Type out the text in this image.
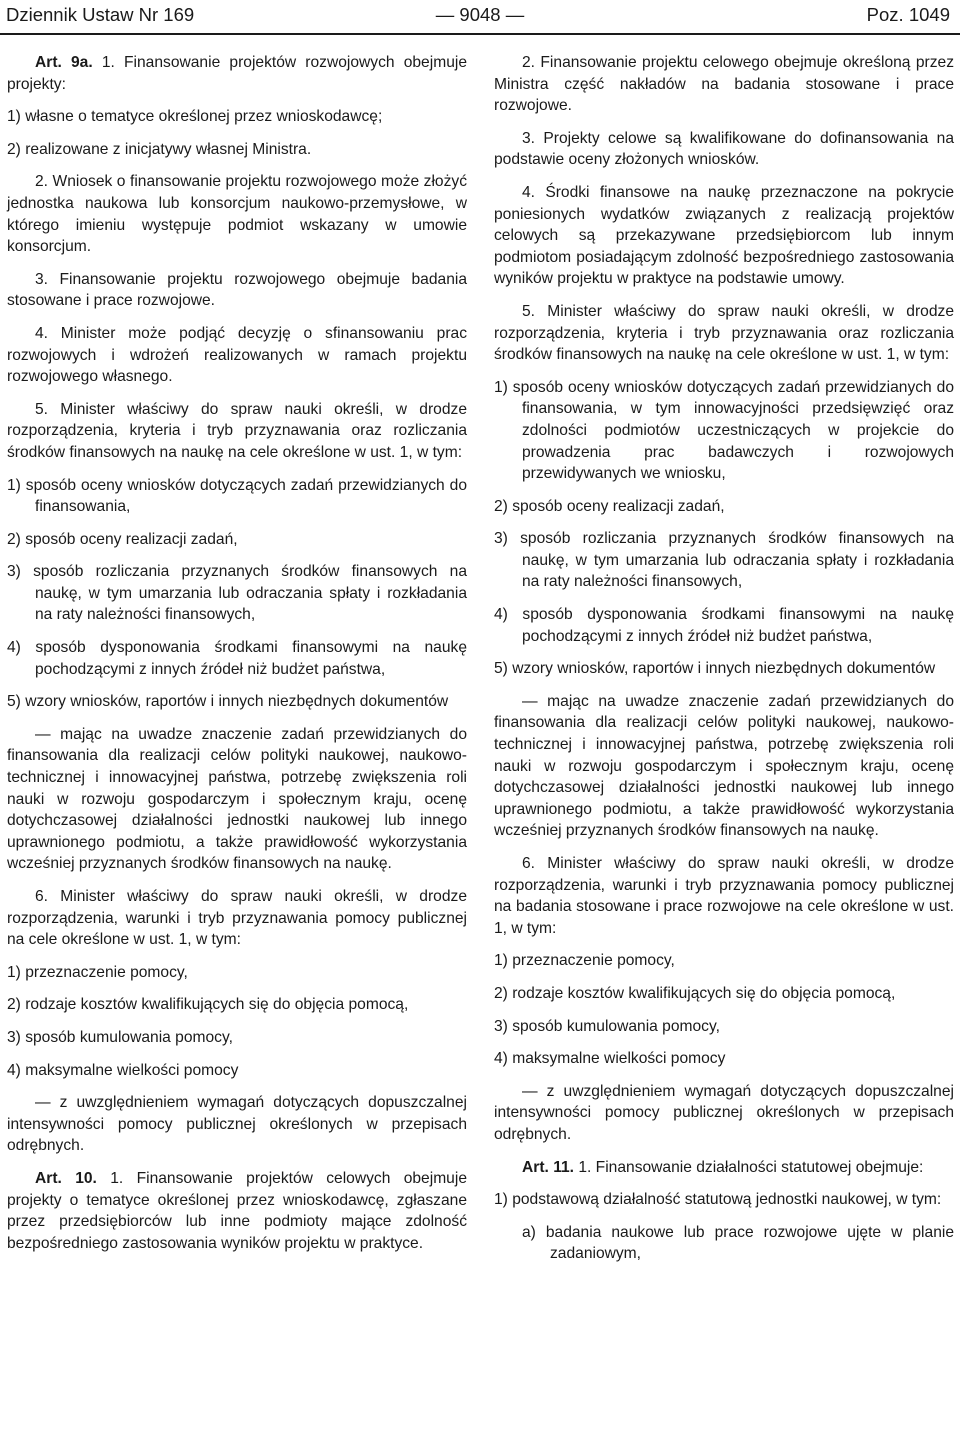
Dziennik Ustaw Nr 169	— 9048 —	Poz. 1049

Art. 9a. 1. Finansowanie projektów rozwojowych obejmuje projekty:

1) własne o tematyce określonej przez wnioskodawcę;

2) realizowane z inicjatywy własnej Ministra.

2. Wniosek o finansowanie projektu rozwojowego może złożyć jednostka naukowa lub konsorcjum naukowo-przemysłowe, w którego imieniu występuje podmiot wskazany w umowie konsorcjum.

3. Finansowanie projektu rozwojowego obejmuje badania stosowane i prace rozwojowe.

4. Minister może podjąć decyzję o sfinansowaniu prac rozwojowych i wdrożeń realizowanych w ramach projektu rozwojowego własnego.

5. Minister właściwy do spraw nauki określi, w drodze rozporządzenia, kryteria i tryb przyznawania oraz rozliczania środków finansowych na naukę na cele określone w ust. 1, w tym:

1) sposób oceny wniosków dotyczących zadań przewidzianych do finansowania,

2) sposób oceny realizacji zadań,

3) sposób rozliczania przyznanych środków finansowych na naukę, w tym umarzania lub odraczania spłaty i rozkładania na raty należności finansowych,

4) sposób dysponowania środkami finansowymi na naukę pochodzącymi z innych źródeł niż budżet państwa,

5) wzory wniosków, raportów i innych niezbędnych dokumentów

— mając na uwadze znaczenie zadań przewidzianych do finansowania dla realizacji celów polityki naukowej, naukowo-technicznej i innowacyjnej państwa, potrzebę zwiększenia roli nauki w rozwoju gospodarczym i społecznym kraju, ocenę dotychczasowej działalności jednostki naukowej lub innego uprawnionego podmiotu, a także prawidłowość wykorzystania wcześniej przyznanych środków finansowych na naukę.

6. Minister właściwy do spraw nauki określi, w drodze rozporządzenia, warunki i tryb przyznawania pomocy publicznej na cele określone w ust. 1, w tym:

1) przeznaczenie pomocy,

2) rodzaje kosztów kwalifikujących się do objęcia pomocą,

3) sposób kumulowania pomocy,

4) maksymalne wielkości pomocy

— z uwzględnieniem wymagań dotyczących dopuszczalnej intensywności pomocy publicznej określonych w przepisach odrębnych.

Art. 10. 1. Finansowanie projektów celowych obejmuje projekty o tematyce określonej przez wnioskodawcę, zgłaszane przez przedsiębiorców lub inne podmioty mające zdolność bezpośredniego zastosowania wyników projektu w praktyce.

2. Finansowanie projektu celowego obejmuje określoną przez Ministra część nakładów na badania stosowane i prace rozwojowe.

3. Projekty celowe są kwalifikowane do dofinansowania na podstawie oceny złożonych wniosków.

4. Środki finansowe na naukę przeznaczone na pokrycie poniesionych wydatków związanych z realizacją projektów celowych są przekazywane przedsiębiorcom lub innym podmiotom posiadającym zdolność bezpośredniego zastosowania wyników projektu w praktyce na podstawie umowy.

5. Minister właściwy do spraw nauki określi, w drodze rozporządzenia, kryteria i tryb przyznawania oraz rozliczania środków finansowych na naukę na cele określone w ust. 1, w tym:

1) sposób oceny wniosków dotyczących zadań przewidzianych do finansowania, w tym innowacyjności przedsięwzięć oraz zdolności podmiotów uczestniczących w projekcie do prowadzenia prac badawczych i rozwojowych przewidywanych we wniosku,

2) sposób oceny realizacji zadań,

3) sposób rozliczania przyznanych środków finansowych na naukę, w tym umarzania lub odraczania spłaty i rozkładania na raty należności finansowych,

4) sposób dysponowania środkami finansowymi na naukę pochodzącymi z innych źródeł niż budżet państwa,

5) wzory wniosków, raportów i innych niezbędnych dokumentów

— mając na uwadze znaczenie zadań przewidzianych do finansowania dla realizacji celów polityki naukowej, naukowo-technicznej i innowacyjnej państwa, potrzebę zwiększenia roli nauki w rozwoju gospodarczym i społecznym kraju, ocenę dotychczasowej działalności jednostki naukowej lub innego uprawnionego podmiotu, a także prawidłowość wykorzystania wcześniej przyznanych środków finansowych na naukę.

6. Minister właściwy do spraw nauki określi, w drodze rozporządzenia, warunki i tryb przyznawania pomocy publicznej na badania stosowane i prace rozwojowe na cele określone w ust. 1, w tym:

1) przeznaczenie pomocy,

2) rodzaje kosztów kwalifikujących się do objęcia pomocą,

3) sposób kumulowania pomocy,

4) maksymalne wielkości pomocy

— z uwzględnieniem wymagań dotyczących dopuszczalnej intensywności pomocy publicznej określonych w przepisach odrębnych.

Art. 11. 1. Finansowanie działalności statutowej obejmuje:

1) podstawową działalność statutową jednostki naukowej, w tym:

a) badania naukowe lub prace rozwojowe ujęte w planie zadaniowym,
